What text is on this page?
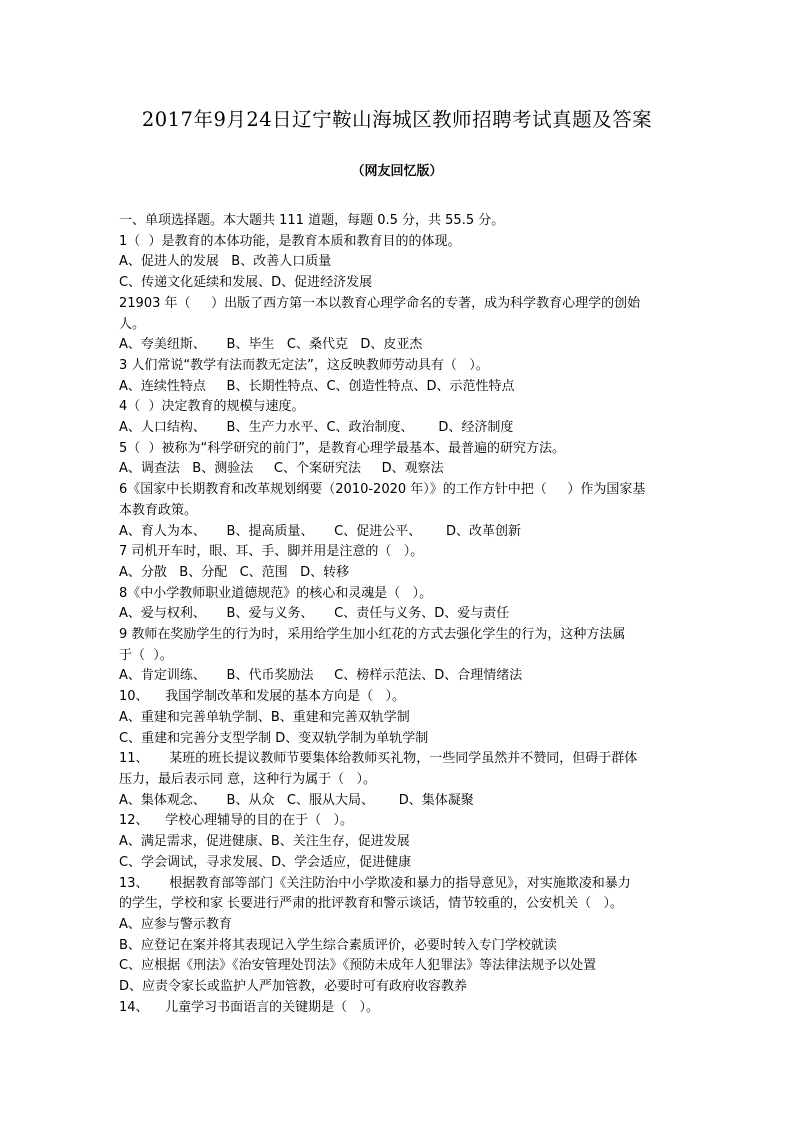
2017年9月24日辽宁鞍山海城区教师招聘考试真题及答案
（网友回忆版）

一、单项选择题。本大题共 111 道题，每题 0.5 分，共 55.5 分。

1（  ）是教育的本体功能，是教育本质和教育目的的体现。

A、促进人的发展   B、改善人口质量

C、传递文化延续和发展、D、促进经济发展

21903 年（     ）出版了西方第一本以教育心理学命名的专著，成为科学教育心理学的创始

人。

A、夸美纽斯、     B、毕生   C、桑代克   D、皮亚杰

3 人们常说“教学有法而教无定法”，这反映教师劳动具有（   ）。

A、连续性特点     B、长期性特点、C、创造性特点、D、示范性特点

4（  ）决定教育的规模与速度。

A、人口结构、     B、生产力水平、C、政治制度、      D、经济制度

5（  ）被称为“科学研究的前门”，是教育心理学最基本、最普遍的研究方法。

A、调查法   B、测验法     C、个案研究法     D、观察法

6《国家中长期教育和改革规划纲要（2010-2020 年）》的工作方针中把（     ）作为国家基

本教育政策。

A、育人为本、     B、提高质量、     C、促进公平、      D、改革创新

7 司机开车时，眼、耳、手、脚并用是注意的（   ）。

A、分散   B、分配   C、范围   D、转移

8《中小学教师职业道德规范》的核心和灵魂是（   ）。

A、爱与权利、     B、爱与义务、     C、责任与义务、D、爱与责任

9 教师在奖励学生的行为时，采用给学生加小红花的方式去强化学生的行为，这种方法属

于（  ）。

A、肯定训练、     B、代币奖励法     C、榜样示范法、D、合理情绪法

10、    我国学制改革和发展的基本方向是（   ）。

A、重建和完善单轨学制、B、重建和完善双轨学制

C、重建和完善分支型学制 D、变双轨学制为单轨学制

11、     某班的班长提议教师节要集体给教师买礼物，一些同学虽然并不赞同，但碍于群体

压力，最后表示同 意，这种行为属于（   ）。

A、集体观念、     B、从众   C、服从大局、      D、集体凝聚

12、    学校心理辅导的目的在于（   ）。

A、满足需求，促进健康、B、关注生存，促进发展

C、学会调试，寻求发展、D、学会适应，促进健康

13、     根据教育部等部门《关注防治中小学欺凌和暴力的指导意见》，对实施欺凌和暴力

的学生，学校和家 长要进行严肃的批评教育和警示谈话，情节较重的，公安机关（   ）。

A、应参与警示教育

B、应登记在案并将其表现记入学生综合素质评价，必要时转入专门学校就读

C、应根据《刑法》《治安管理处罚法》《预防未成年人犯罪法》等法律法规予以处置

D、应责令家长或监护人严加管教，必要时可有政府收容教养

14、    儿童学习书面语言的关键期是（   ）。
